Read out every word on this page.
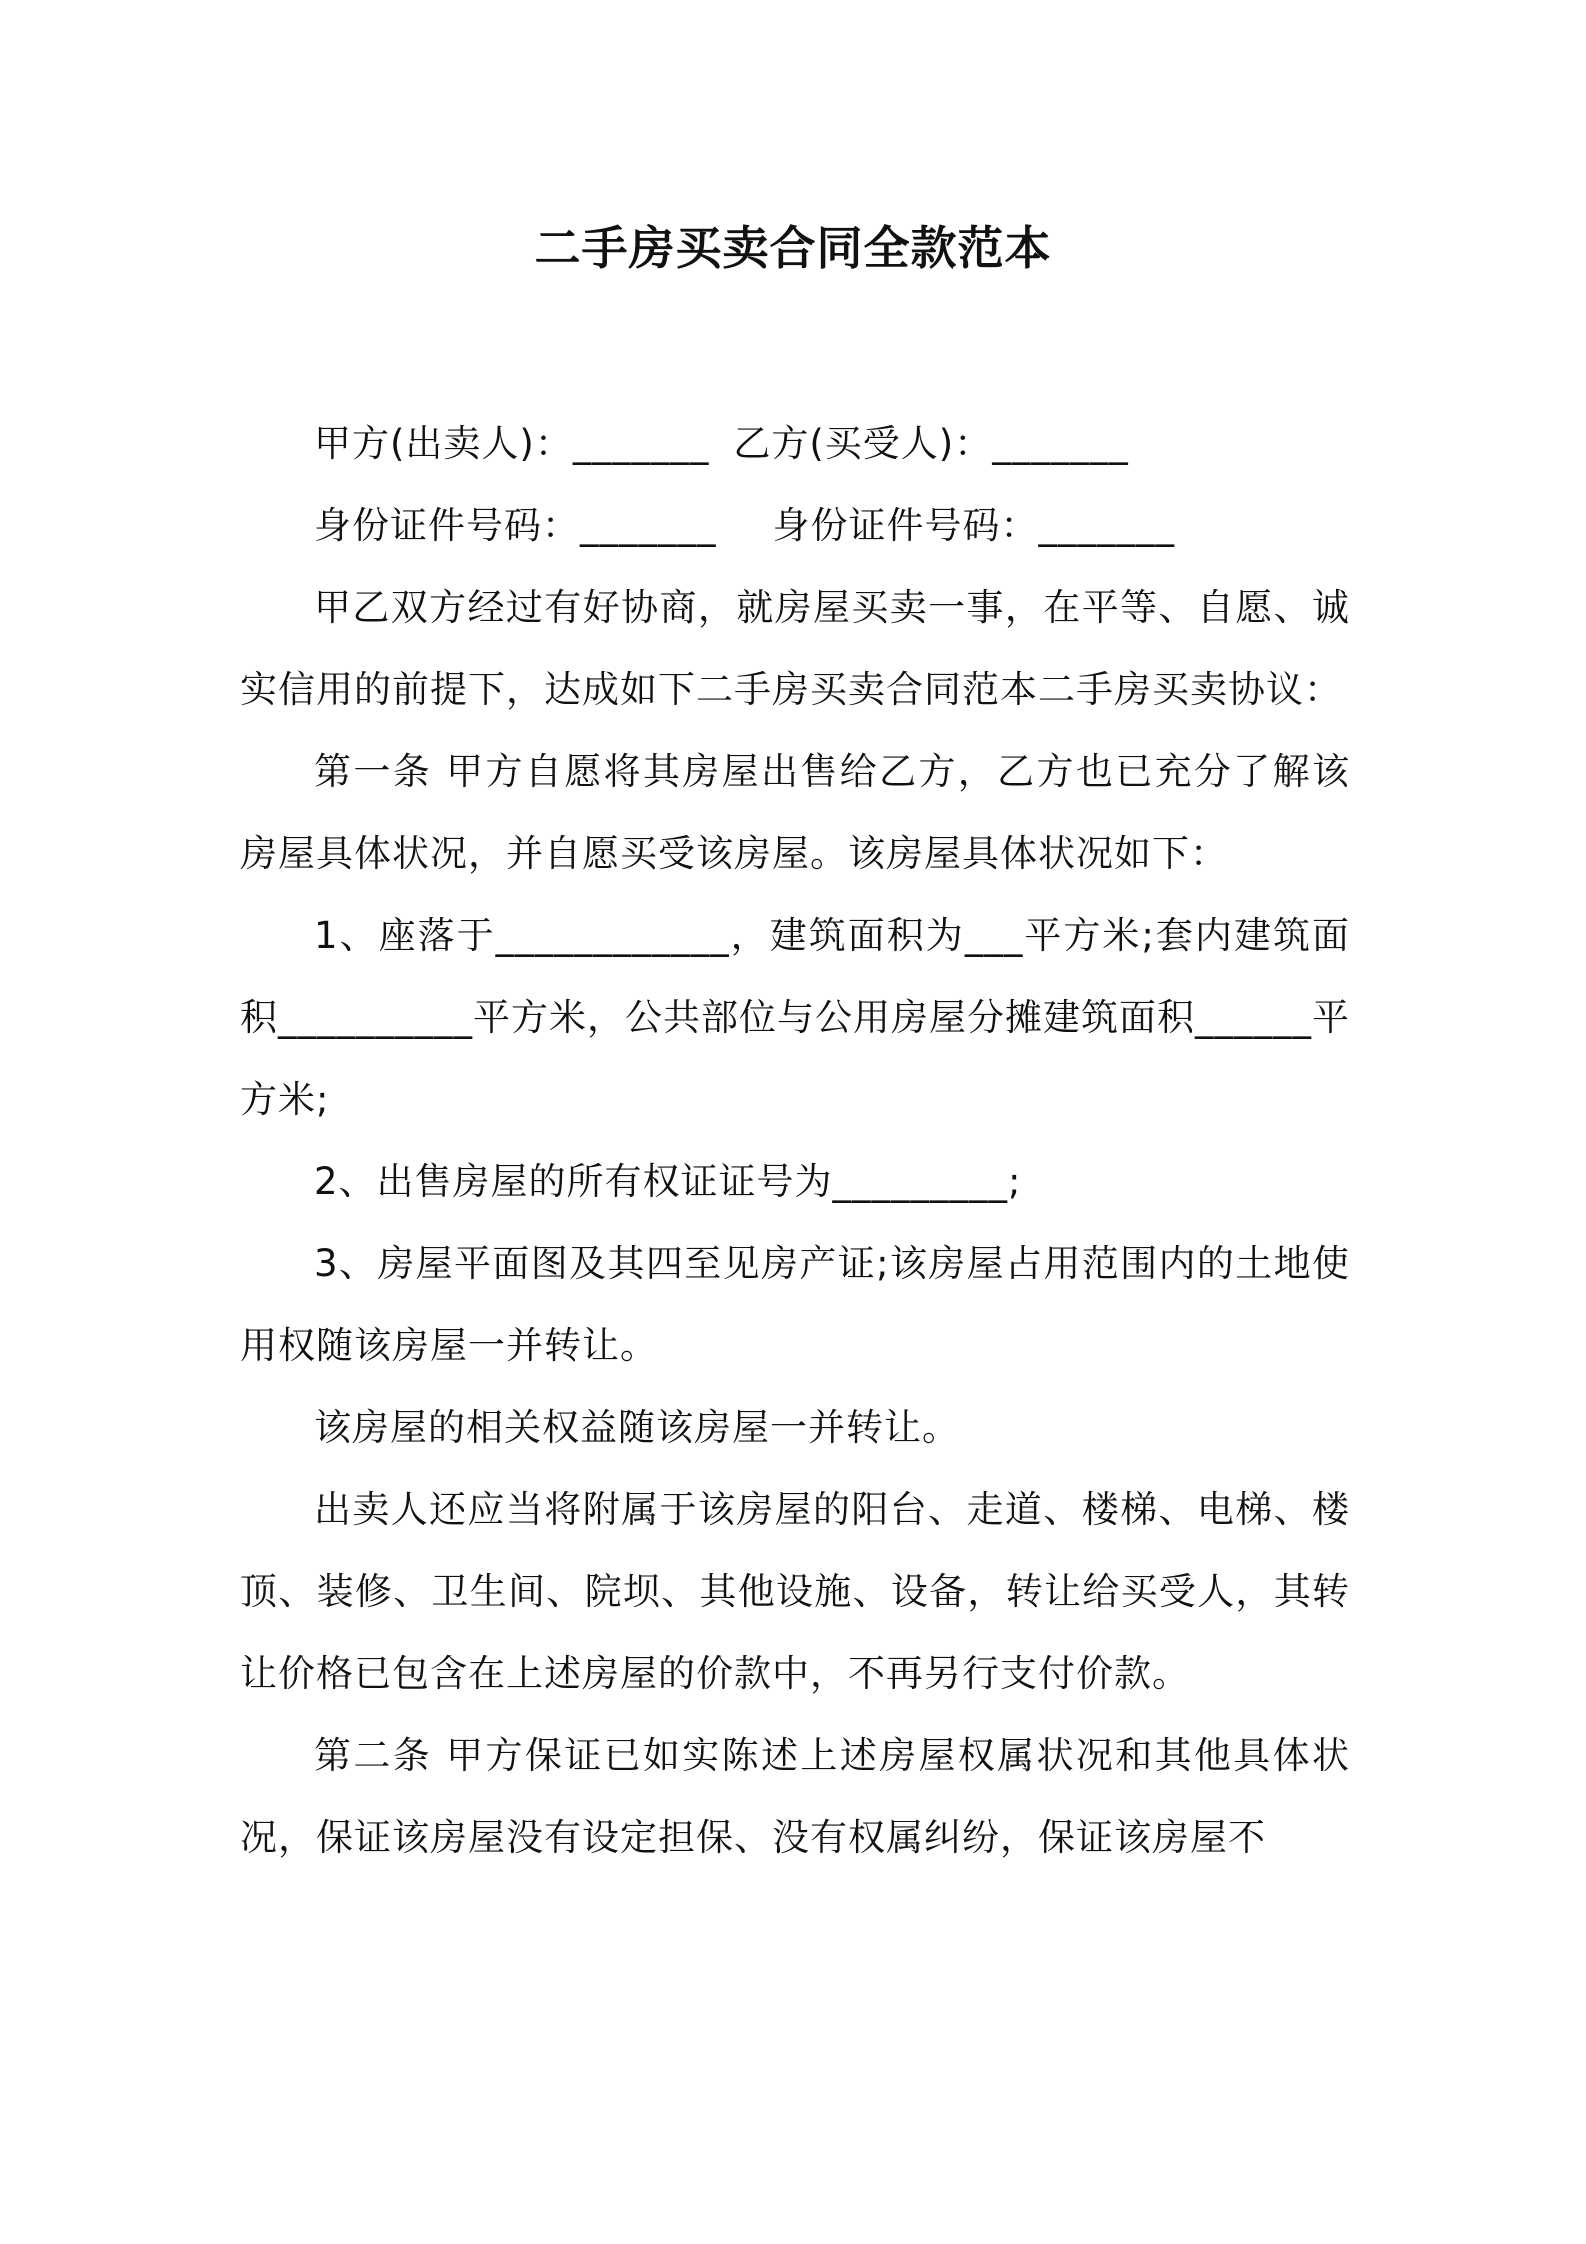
二手房买卖合同全款范本

甲方(出卖人)：_______ 乙方(买受人)：_______

身份证件号码：_______ 身份证件号码：_______

甲乙双方经过有好协商，就房屋买卖一事，在平等、自愿、诚实信用的前提下，达成如下二手房买卖合同范本二手房买卖协议：

第一条 甲方自愿将其房屋出售给乙方，乙方也已充分了解该房屋具体状况，并自愿买受该房屋。该房屋具体状况如下：

1、座落于____________，建筑面积为___平方米;套内建筑面积__________平方米，公共部位与公用房屋分摊建筑面积______平方米;

2、出售房屋的所有权证证号为_________;

3、房屋平面图及其四至见房产证;该房屋占用范围内的土地使用权随该房屋一并转让。

该房屋的相关权益随该房屋一并转让。

出卖人还应当将附属于该房屋的阳台、走道、楼梯、电梯、楼顶、装修、卫生间、院坝、其他设施、设备，转让给买受人，其转让价格已包含在上述房屋的价款中，不再另行支付价款。

第二条 甲方保证已如实陈述上述房屋权属状况和其他具体状况，保证该房屋没有设定担保、没有权属纠纷，保证该房屋不
